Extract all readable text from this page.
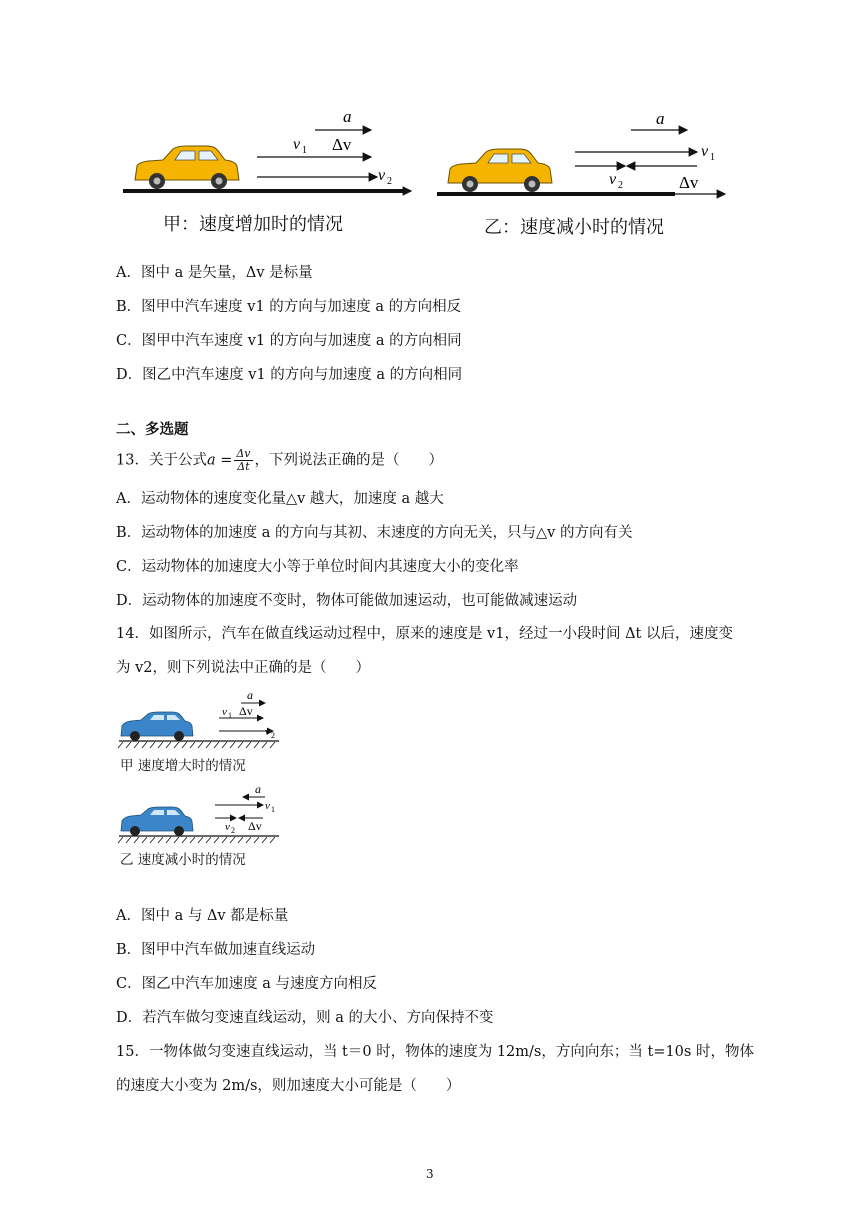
a
v 1 Δv
v 2
a
v 1
v 2	Δv
甲：速度增加时的情况	乙：速度减小时的情况
A．图中 a 是矢量，Δv 是标量
B．图甲中汽车速度 v1 的方向与加速度 a 的方向相反
C．图甲中汽车速度 v1 的方向与加速度 a 的方向相同
D．图乙中汽车速度 v1 的方向与加速度 a 的方向相同
二、多选题
13．关于公式$a = \frac{\Delta v}{\Delta t}$ ，下列说法正确的是（　　）
A．运动物体的速度变化量△v 越大，加速度 a 越大
B．运动物体的加速度 a 的方向与其初、末速度的方向无关，只与△v 的方向有关
C．运动物体的加速度大小等于单位时间内其速度大小的变化率
D．运动物体的加速度不变时，物体可能做加速运动，也可能做减速运动
14．如图所示，汽车在做直线运动过程中，原来的速度是 v1，经过一小段时间 Δt 以后，速度变
为 v2，则下列说法中正确的是（　　）
a
v 1 Δv
v 2
a
v 1
v 2 Δv
甲 速度增大时的情况
乙 速度减小时的情况
A．图中 a 与 Δv 都是标量
B．图甲中汽车做加速直线运动
C．图乙中汽车加速度 a 与速度方向相反
D．若汽车做匀变速直线运动，则 a 的大小、方向保持不变
15．一物体做匀变速直线运动，当 t＝0 时，物体的速度为 12m/s，方向向东；当 t=10s 时，物体
的速度大小变为 2m/s，则加速度大小可能是（　　）
3
